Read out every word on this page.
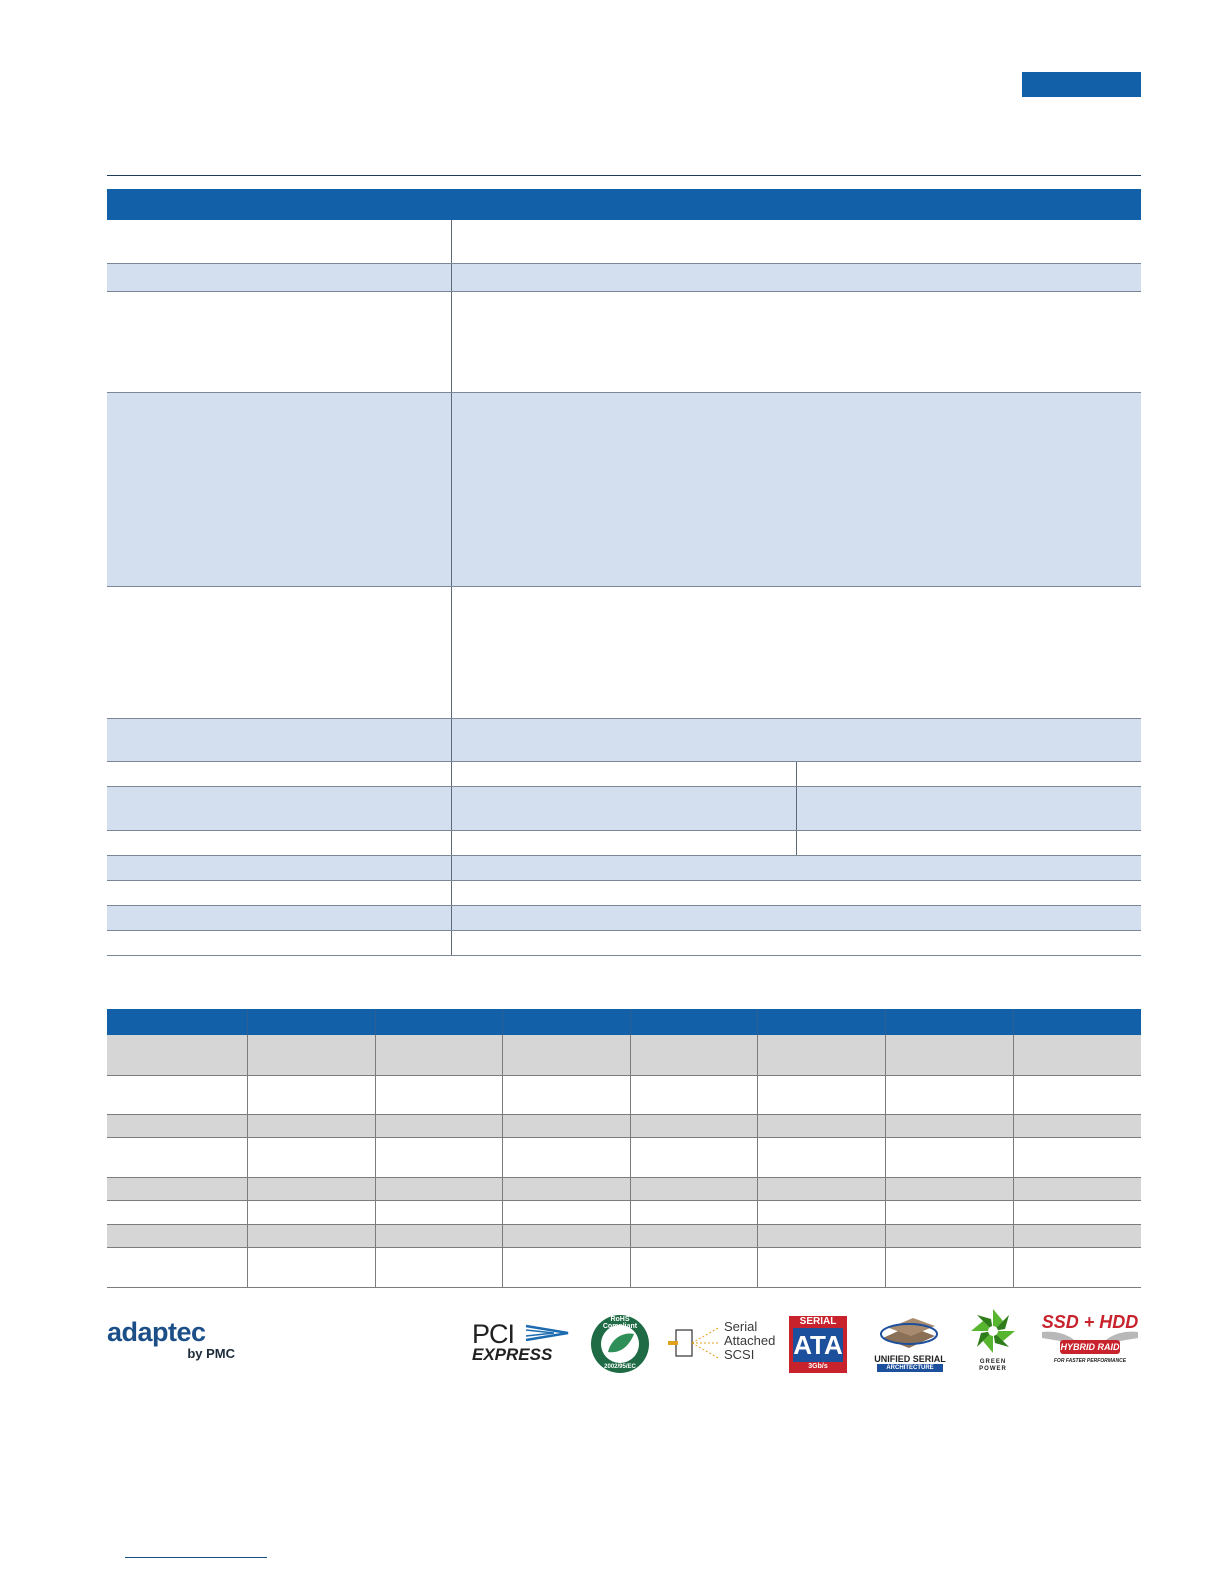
adaptec
by PMC
PCI
EXPRESS
RoHS Compliant
2002/95/EC
Serial
Attached
SCSI
SERIAL
ATA
3Gb/s
UNIFIED SERIAL
ARCHITECTURE
GREEN
POWER
SSD + HDD
HYBRID RAID
FOR FASTER PERFORMANCE
